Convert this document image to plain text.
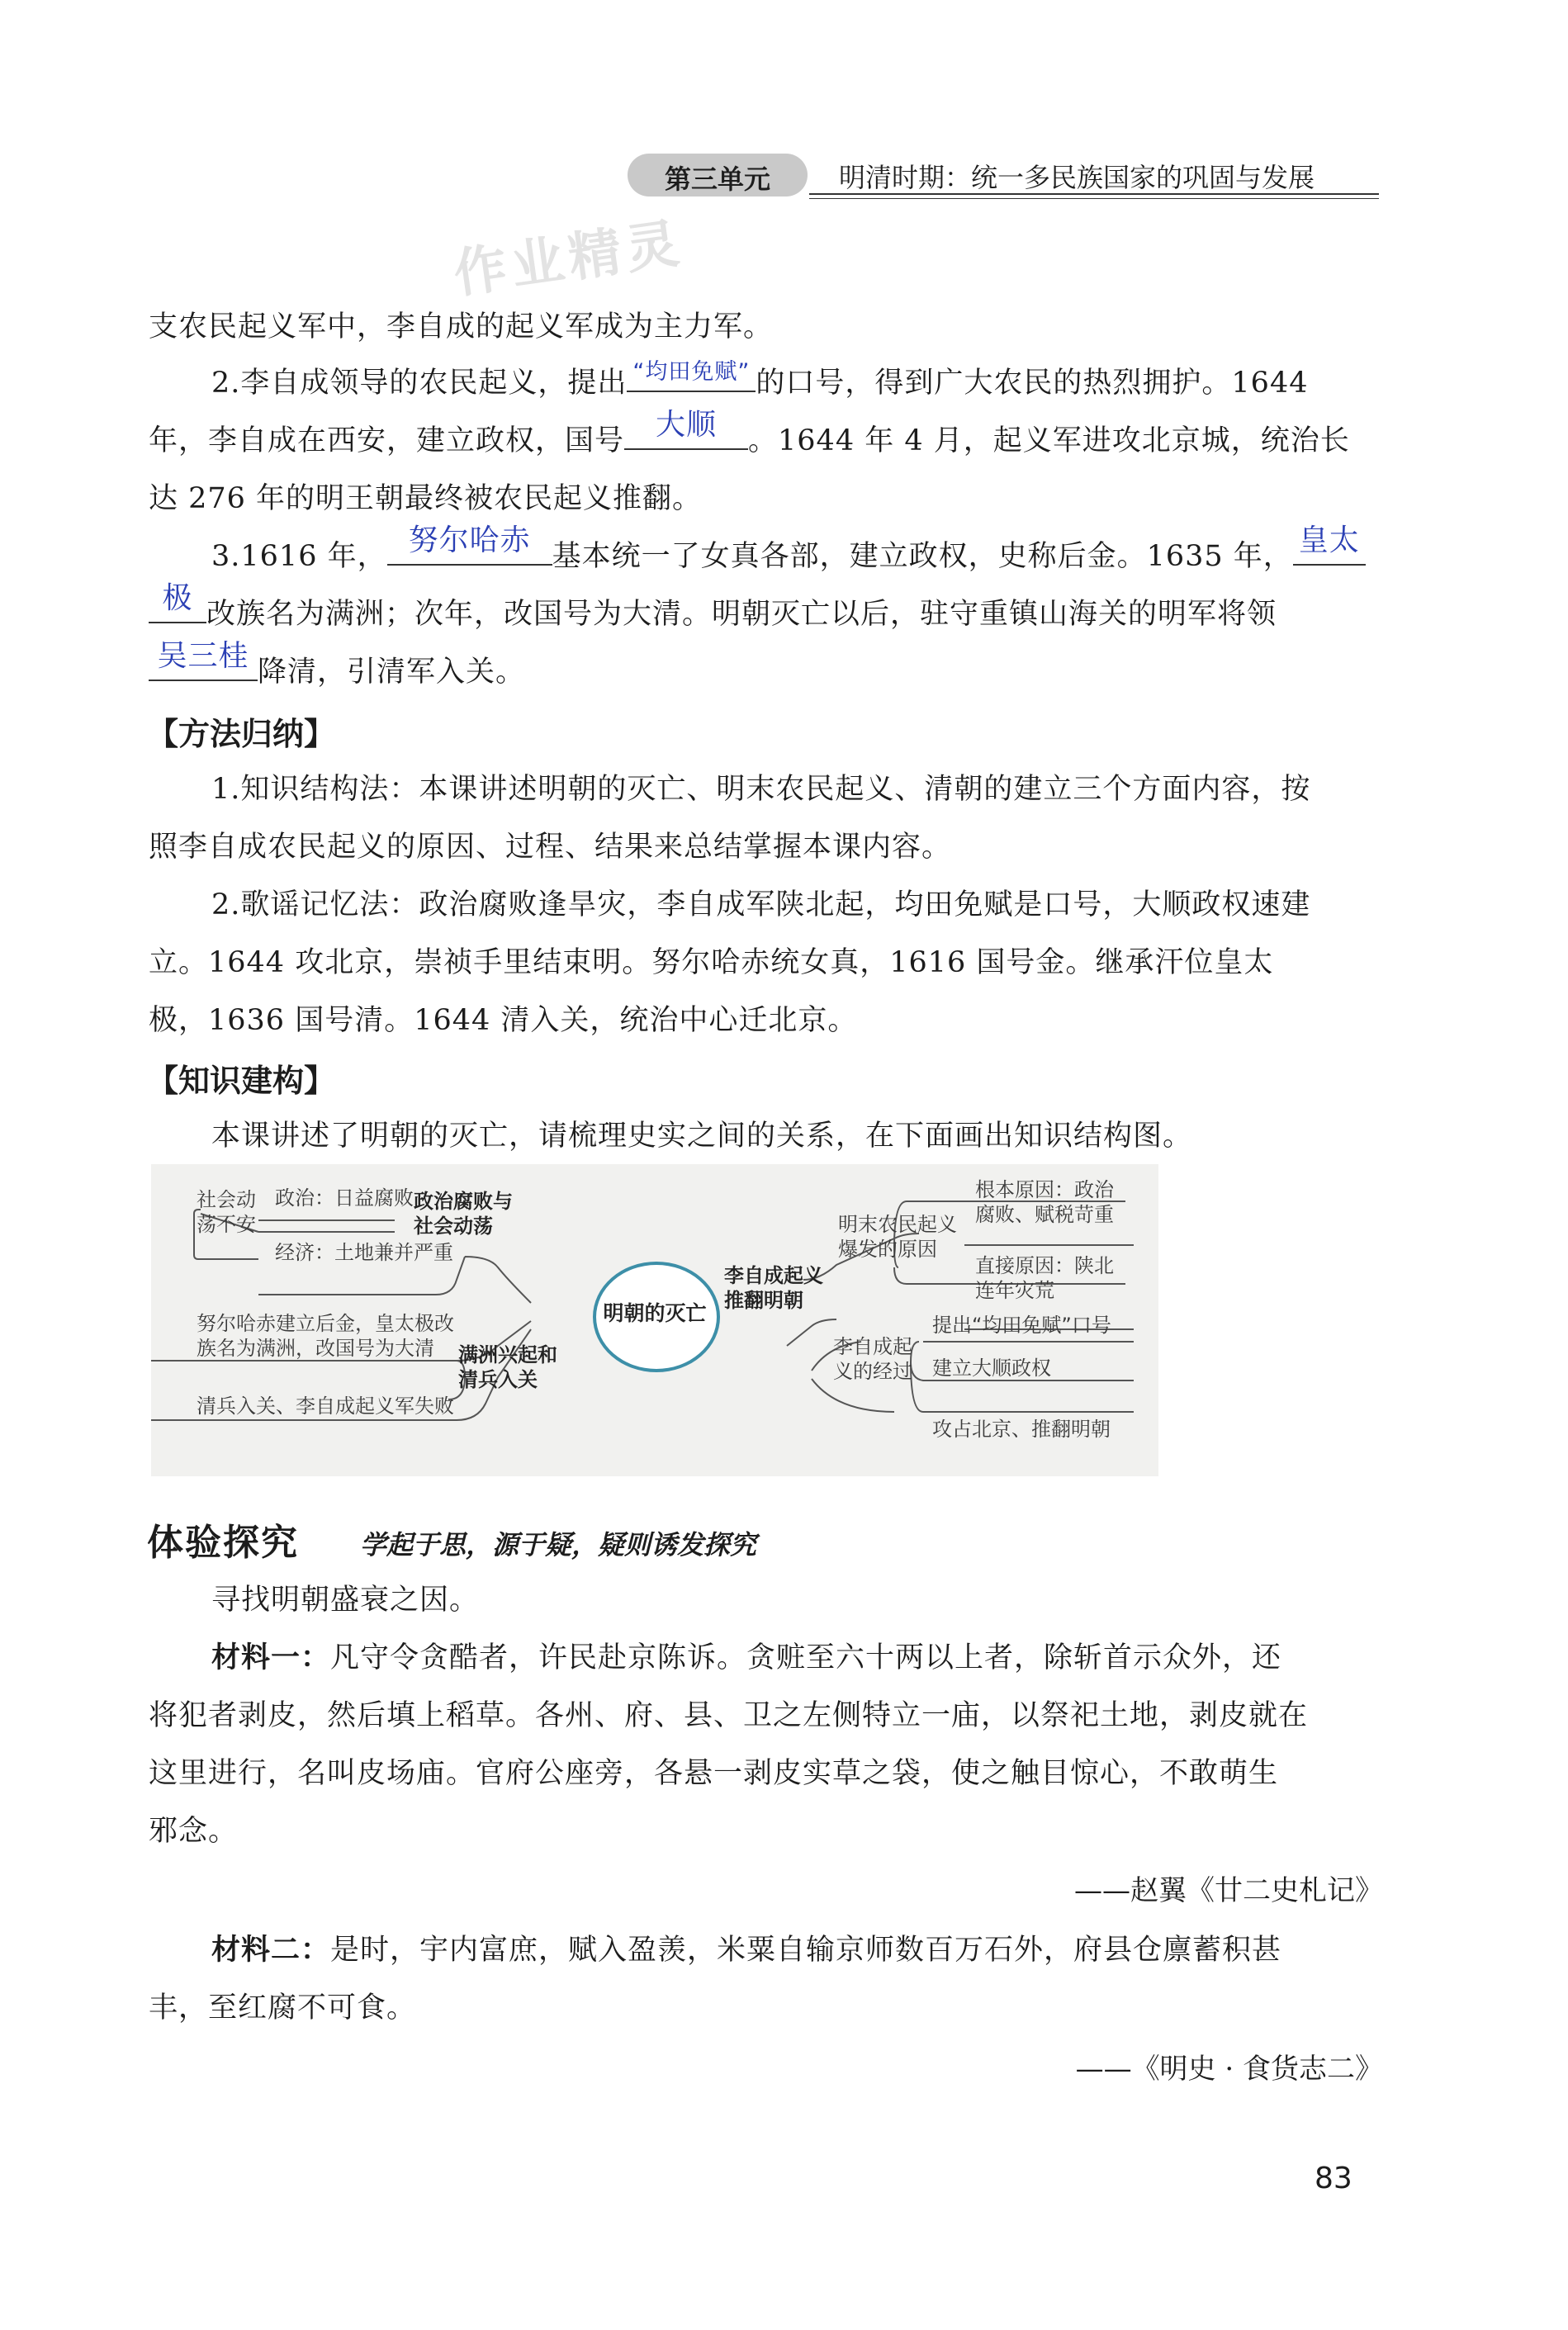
第三单元	明清时期：统一多民族国家的巩固与发展
作业精灵
支农民起义军中，李自成的起义军成为主力军。
2.李自成领导的农民起义，提出 “均田免赋” 的口号，得到广大农民的热烈拥护。1644
年，李自成在西安，建立政权，国号	大顺	。1644 年 4 月，起义军进攻北京城，统治长
达 276 年的明王朝最终被农民起义推翻。
3.1616 年， 努尔哈赤 基本统一了女真各部，建立政权，史称后金。1635 年， 皇太
极 改族名为满洲；次年，改国号为大清。明朝灭亡以后，驻守重镇山海关的明军将领
吴三桂 降清，引清军入关。
【方法归纳】
1.知识结构法：本课讲述明朝的灭亡、明末农民起义、清朝的建立三个方面内容，按
照李自成农民起义的原因、过程、结果来总结掌握本课内容。
2.歌谣记忆法：政治腐败逢旱灾，李自成军陕北起，均田免赋是口号，大顺政权速建
立。1644 攻北京，崇祯手里结束明。努尔哈赤统女真，1616 国号金。继承汗位皇太
极，1636 国号清。1644 清入关，统治中心迁北京。
【知识建构】
本课讲述了明朝的灭亡，请梳理史实之间的关系，在下面画出知识结构图。
明朝的灭亡
社会动荡不安
政治：日益腐败
经济：土地兼并严重
政治腐败与社会动荡
努尔哈赤建立后金，皇太极改族名为满洲，改国号为大清	满洲兴起和清兵入关
清兵入关、李自成起义军失败
李自成起义推翻明朝
明末农民起义爆发的原因
根本原因：政治腐败、赋税苛重
直接原因：陕北连年灾荒
李自成起义的经过
提出“均田免赋”口号
建立大顺政权
攻占北京、推翻明朝
体验探究 学起于思，源于疑，疑则诱发探究
寻找明朝盛衰之因。
材料一：凡守令贪酷者，许民赴京陈诉。贪赃至六十两以上者，除斩首示众外，还
将犯者剥皮，然后填上稻草。各州、府、县、卫之左侧特立一庙，以祭祀土地，剥皮就在
这里进行，名叫皮场庙。官府公座旁，各悬一剥皮实草之袋，使之触目惊心，不敢萌生
邪念。
——赵翼《廿二史札记》
材料二：是时，宇内富庶，赋入盈羡，米粟自输京师数百万石外，府县仓廪蓄积甚
丰，至红腐不可食。
——《明史 · 食货志二》
83
